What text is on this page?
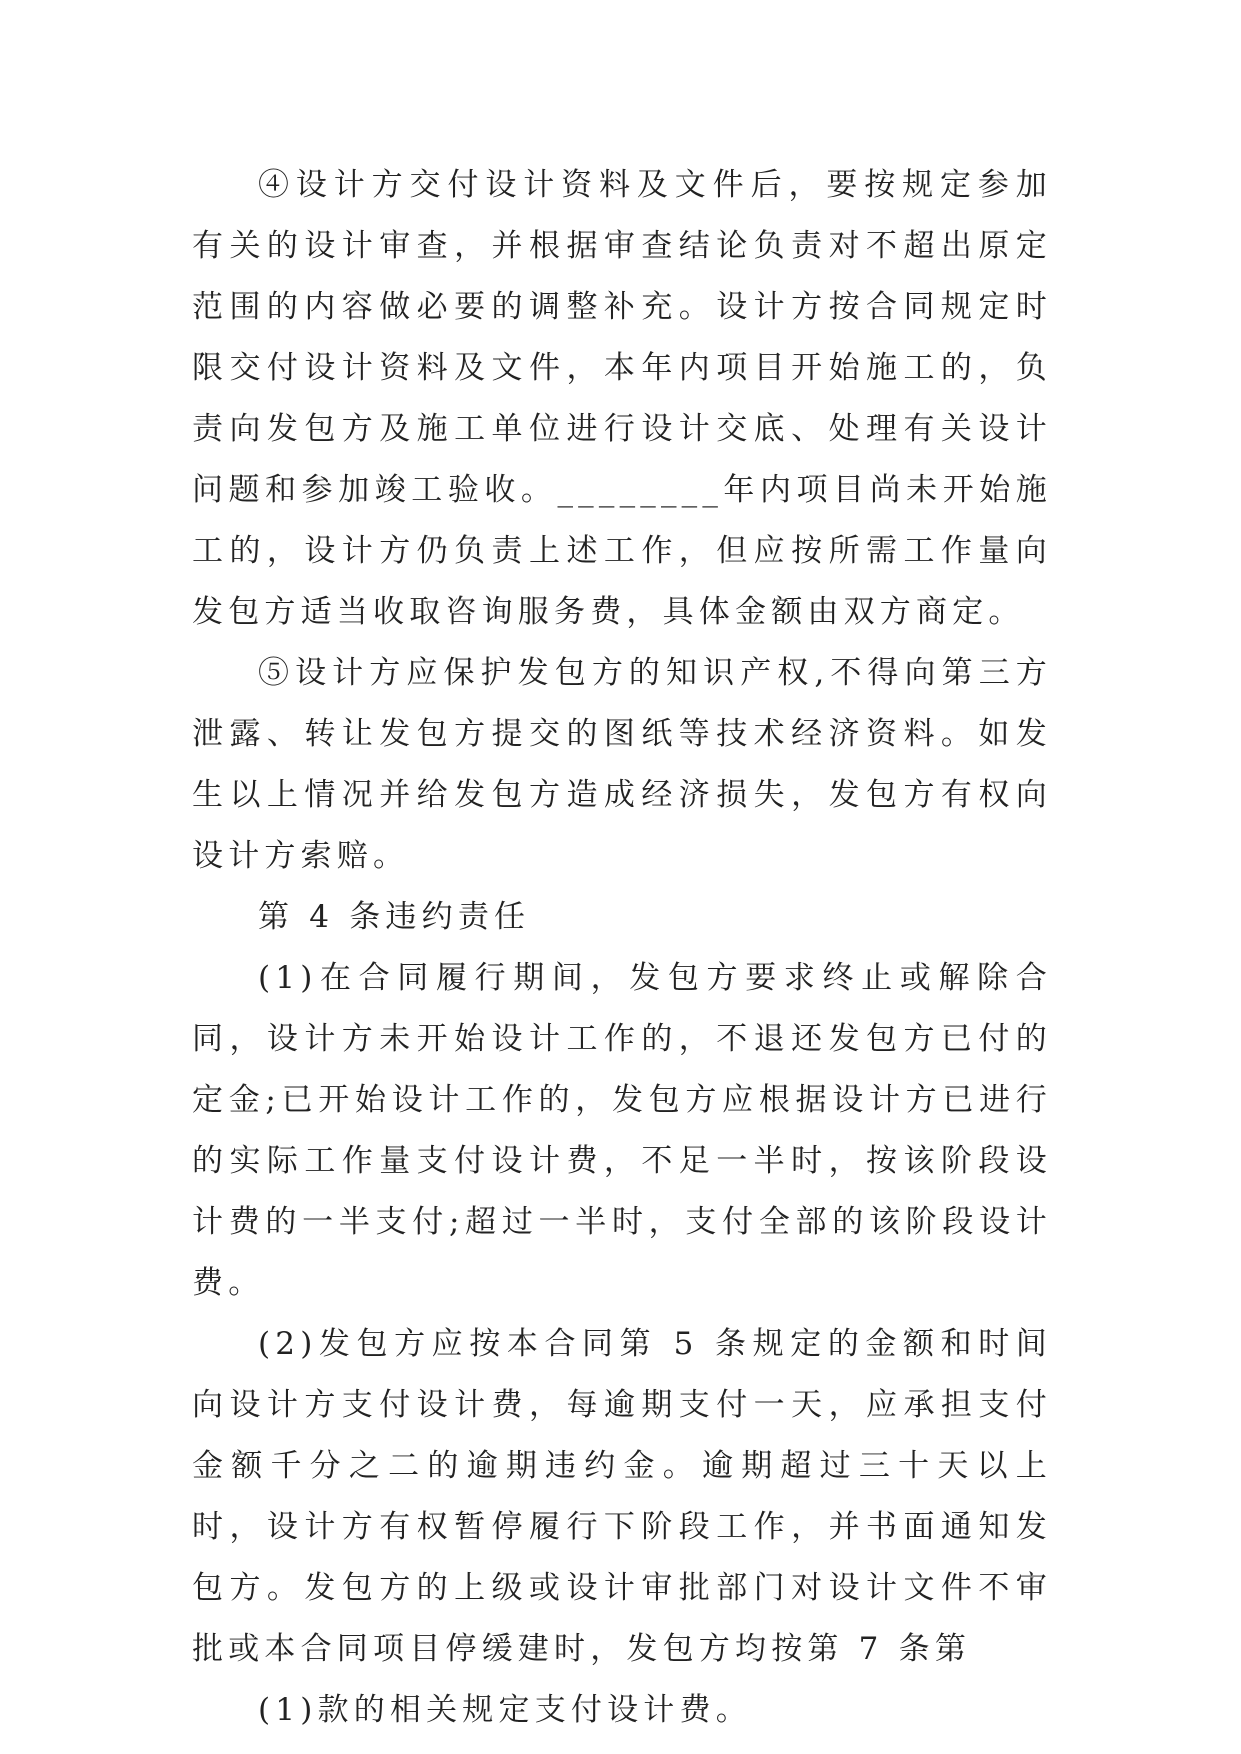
④设计方交付设计资料及文件后，要按规定参加有关的设计审查，并根据审查结论负责对不超出原定范围的内容做必要的调整补充。设计方按合同规定时限交付设计资料及文件，本年内项目开始施工的，负责向发包方及施工单位进行设计交底、处理有关设计问题和参加竣工验收。________年内项目尚未开始施工的，设计方仍负责上述工作，但应按所需工作量向发包方适当收取咨询服务费，具体金额由双方商定。

⑤设计方应保护发包方的知识产权,不得向第三方泄露、转让发包方提交的图纸等技术经济资料。如发生以上情况并给发包方造成经济损失，发包方有权向设计方索赔。

第 4 条违约责任

(1)在合同履行期间，发包方要求终止或解除合同，设计方未开始设计工作的，不退还发包方已付的定金;已开始设计工作的，发包方应根据设计方已进行的实际工作量支付设计费，不足一半时，按该阶段设计费的一半支付;超过一半时，支付全部的该阶段设计费。

(2)发包方应按本合同第 5 条规定的金额和时间向设计方支付设计费，每逾期支付一天，应承担支付金额千分之二的逾期违约金。逾期超过三十天以上时，设计方有权暂停履行下阶段工作，并书面通知发包方。发包方的上级或设计审批部门对设计文件不审批或本合同项目停缓建时，发包方均按第 7 条第

(1)款的相关规定支付设计费。
